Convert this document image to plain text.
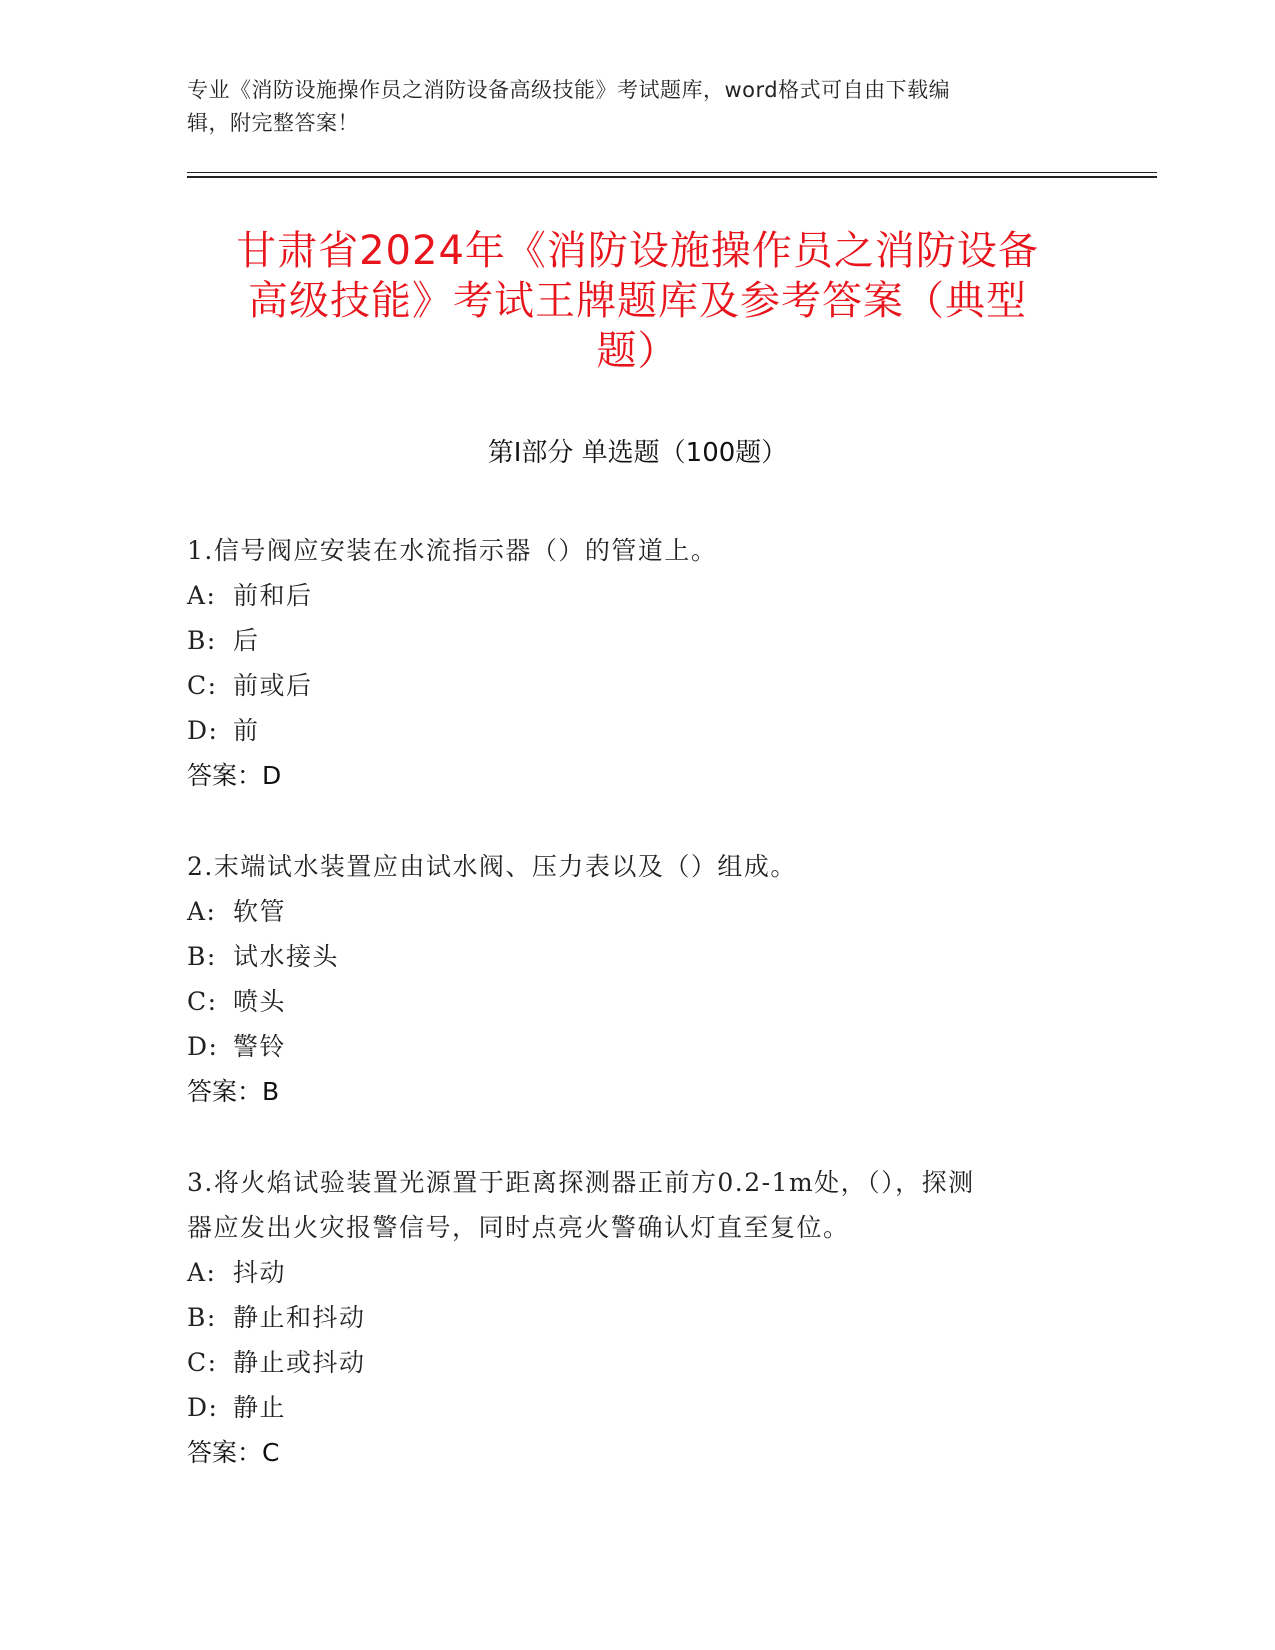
专业《消防设施操作员之消防设备高级技能》考试题库，word格式可自由下载编
辑，附完整答案！
甘肃省2024年《消防设施操作员之消防设备
高级技能》考试王牌题库及参考答案（典型
题）
第Ⅰ部分 单选题（100题）
1.信号阀应安装在水流指示器（）的管道上。
A: 前和后
B: 后
C: 前或后
D: 前
答案：D
2.末端试水装置应由试水阀、压力表以及（）组成。
A: 软管
B: 试水接头
C: 喷头
D: 警铃
答案：B
3.将火焰试验装置光源置于距离探测器正前方0.2-1m处，（），探测
器应发出火灾报警信号，同时点亮火警确认灯直至复位。
A: 抖动
B: 静止和抖动
C: 静止或抖动
D: 静止
答案：C
